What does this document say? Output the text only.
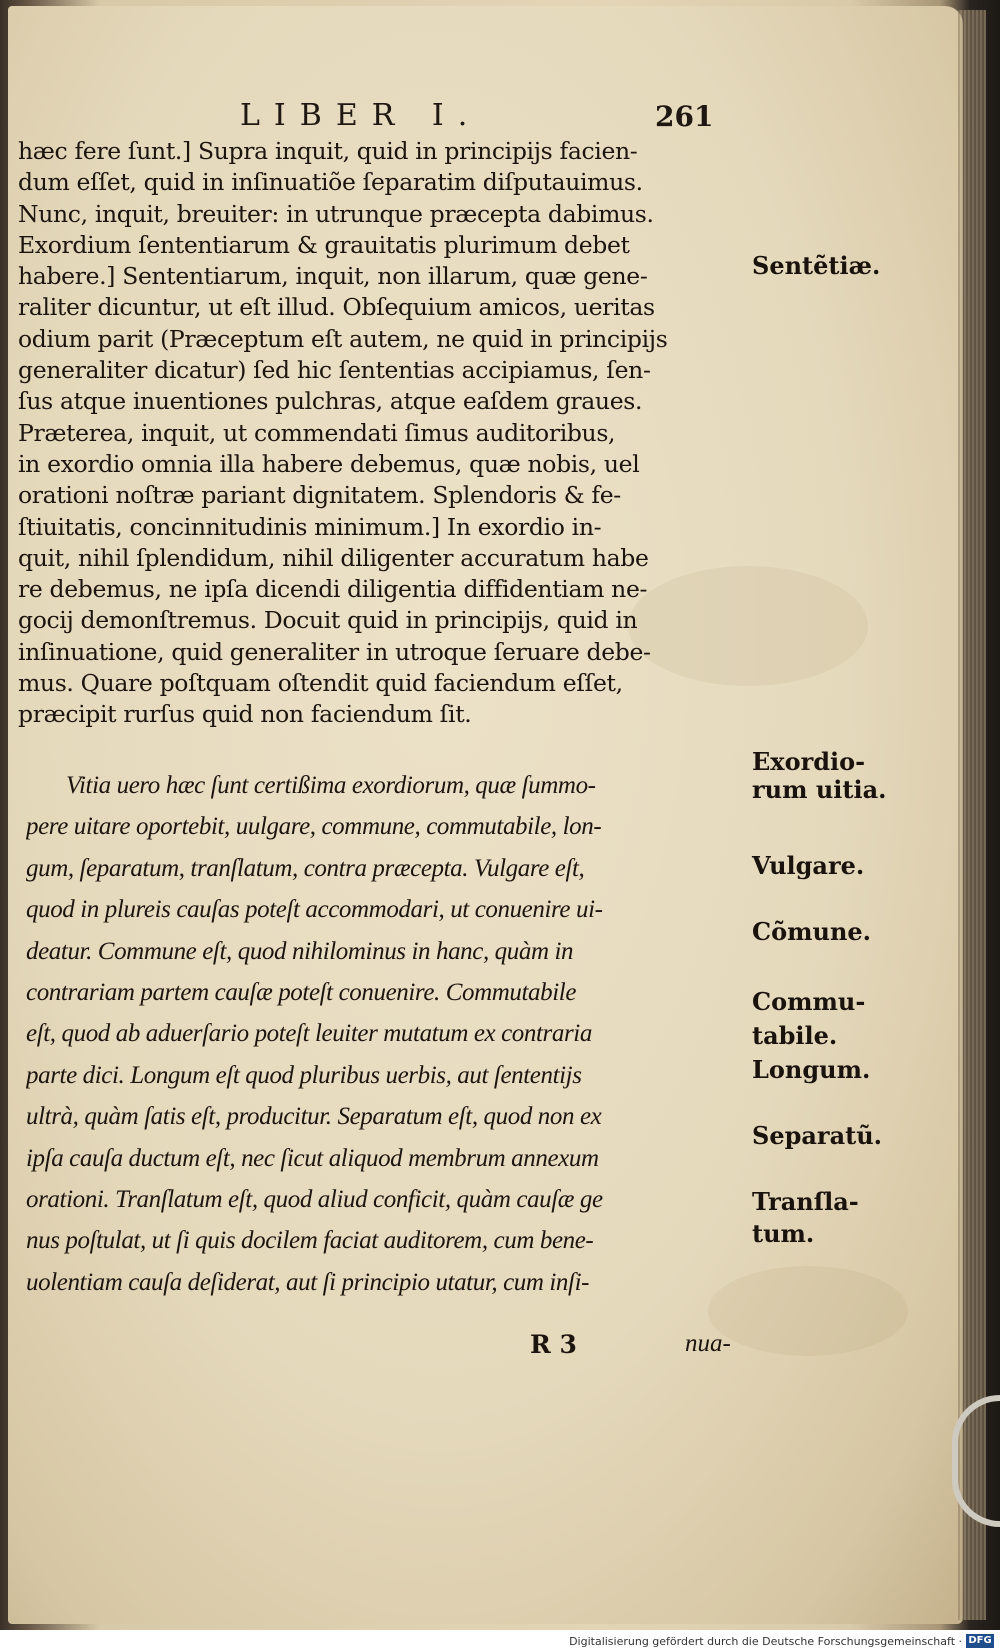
LIBER I.	261
hæc fere ſunt.] Supra inquit, quid in principijs facien-
dum eſſet, quid in inſinuatiõe ſeparatim diſputauimus.
Nunc, inquit, breuiter: in utrunque præcepta dabimus.
Exordium ſententiarum & grauitatis plurimum debet
habere.] Sententiarum, inquit, non illarum, quæ gene-
raliter dicuntur, ut eſt illud. Obſequium amicos, ueritas
odium parit (Præceptum eſt autem, ne quid in principijs
generaliter dicatur) ſed hic ſententias accipiamus, ſen-
ſus atque inuentiones pulchras, atque eaſdem graues.
Præterea, inquit, ut commendati ſimus auditoribus,
in exordio omnia illa habere debemus, quæ nobis, uel
orationi noſtræ pariant dignitatem. Splendoris & fe-
ſtiuitatis, concinnitudinis minimum.] In exordio in-
quit, nihil ſplendidum, nihil diligenter accuratum habe
re debemus, ne ipſa dicendi diligentia diffidentiam ne-
gocij demonſtremus. Docuit quid in principijs, quid in
inſinuatione, quid generaliter in utroque ſeruare debe-
mus. Quare poſtquam oſtendit quid faciendum eſſet,
præcipit rurſus quid non faciendum ſit.
Vitia uero hæc ſunt certißima exordiorum, quæ ſummo-
pere uitare oportebit, uulgare, commune, commutabile, lon-
gum, ſeparatum, tranſlatum, contra præcepta. Vulgare eſt,
quod in plureis cauſas poteſt accommodari, ut conuenire ui-
deatur. Commune eſt, quod nihilominus in hanc, quàm in
contrariam partem cauſæ poteſt conuenire. Commutabile
eſt, quod ab aduerſario poteſt leuiter mutatum ex contraria
parte dici. Longum eſt quod pluribus uerbis, aut ſententijs
ultrà, quàm ſatis eſt, producitur. Separatum eſt, quod non ex
ipſa cauſa ductum eſt, nec ſicut aliquod membrum annexum
orationi. Tranſlatum eſt, quod aliud conficit, quàm cauſæ ge
nus poſtulat, ut ſi quis docilem faciat auditorem, cum bene-
uolentiam cauſa deſiderat, aut ſi principio utatur, cum inſi-
Sentẽtiæ.
Exordio-
rum uitia.
Vulgare.
Cõmune.
Commu-
tabile.
Longum.
Separatũ.
Tranſla-
tum.
R 3	nua-
Digitalisierung gefördert durch die Deutsche Forschungsgemeinschaft · DFG
